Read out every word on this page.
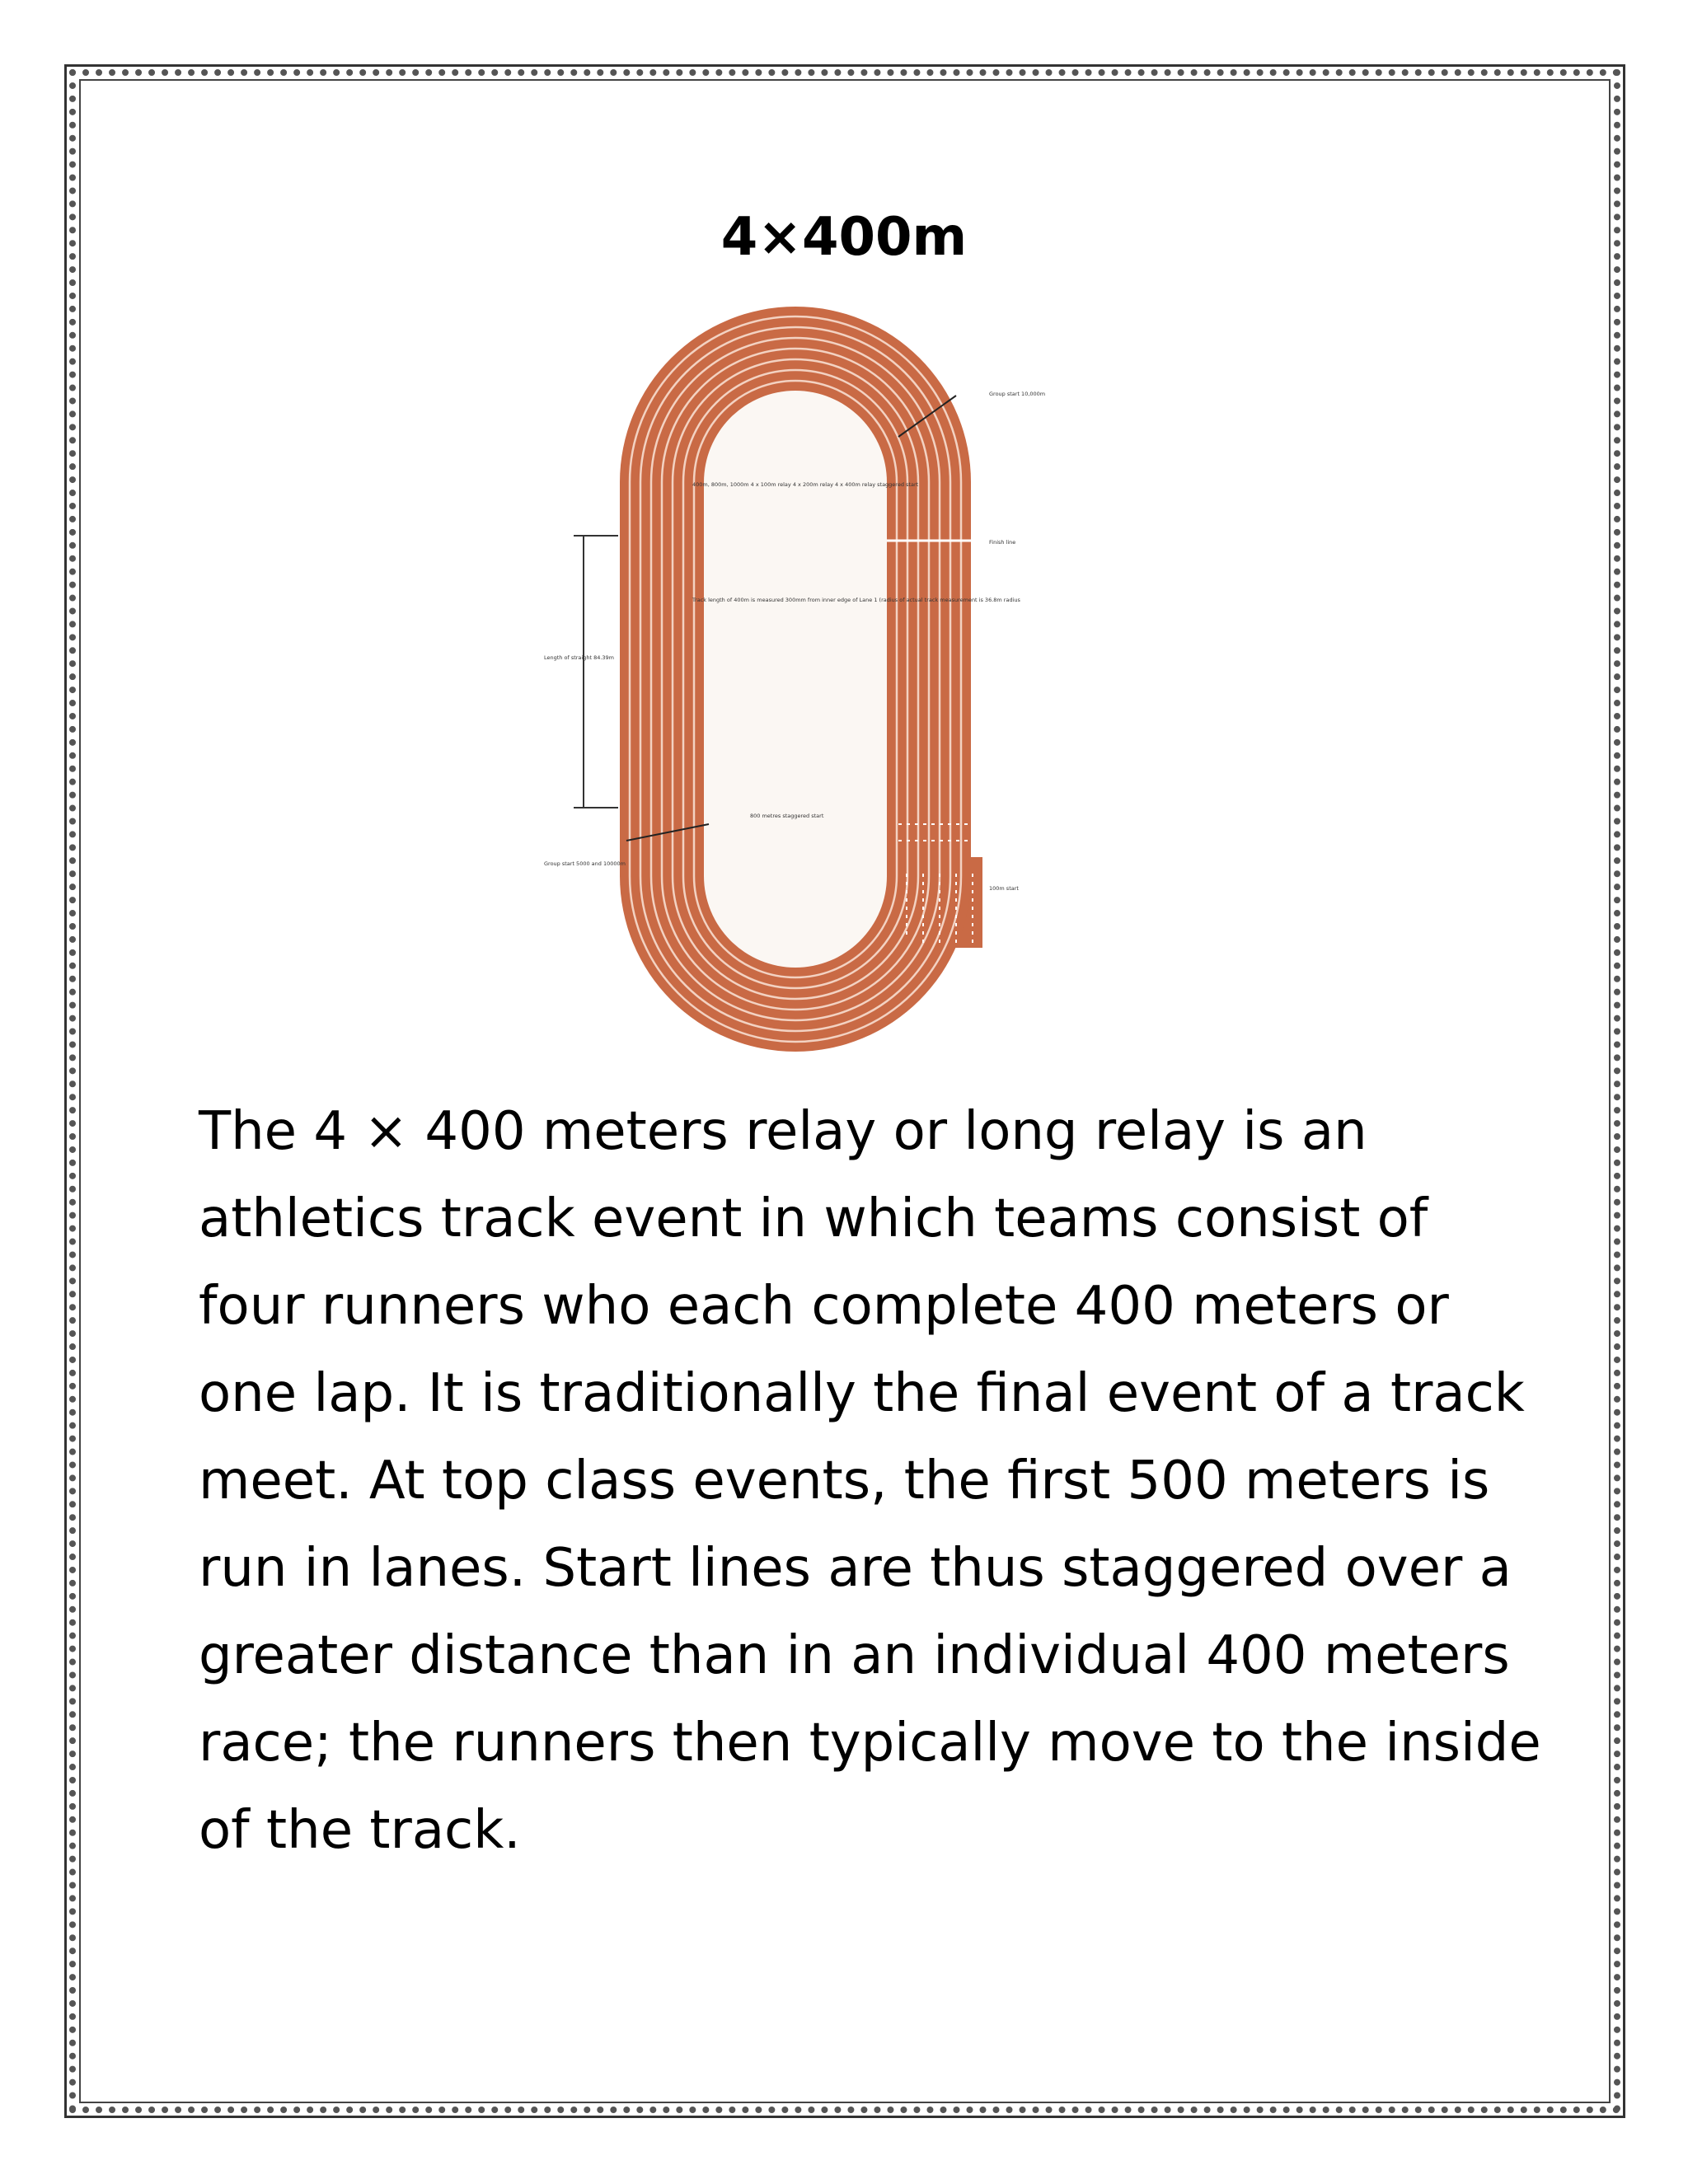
4×400m
Group start 10,000m
Finish line
400m, 800m, 1000m 4 x 100m relay 4 x 200m relay 4 x 400m relay staggered start
Track length of 400m is measured 300mm from inner edge of Lane 1 (radius of actual track measurement is 36.8m radius
Length of straight 84.39m
800 metres staggered start
Group start 5000 and 10000m
100m start

The 4 × 400 meters relay or long relay is an athletics track event in which teams consist of four runners who each complete 400 meters or one lap. It is traditionally the final event of a track meet. At top class events, the first 500 meters is run in lanes. Start lines are thus staggered over a greater distance than in an individual 400 meters race; the runners then typically move to the inside of the track.
